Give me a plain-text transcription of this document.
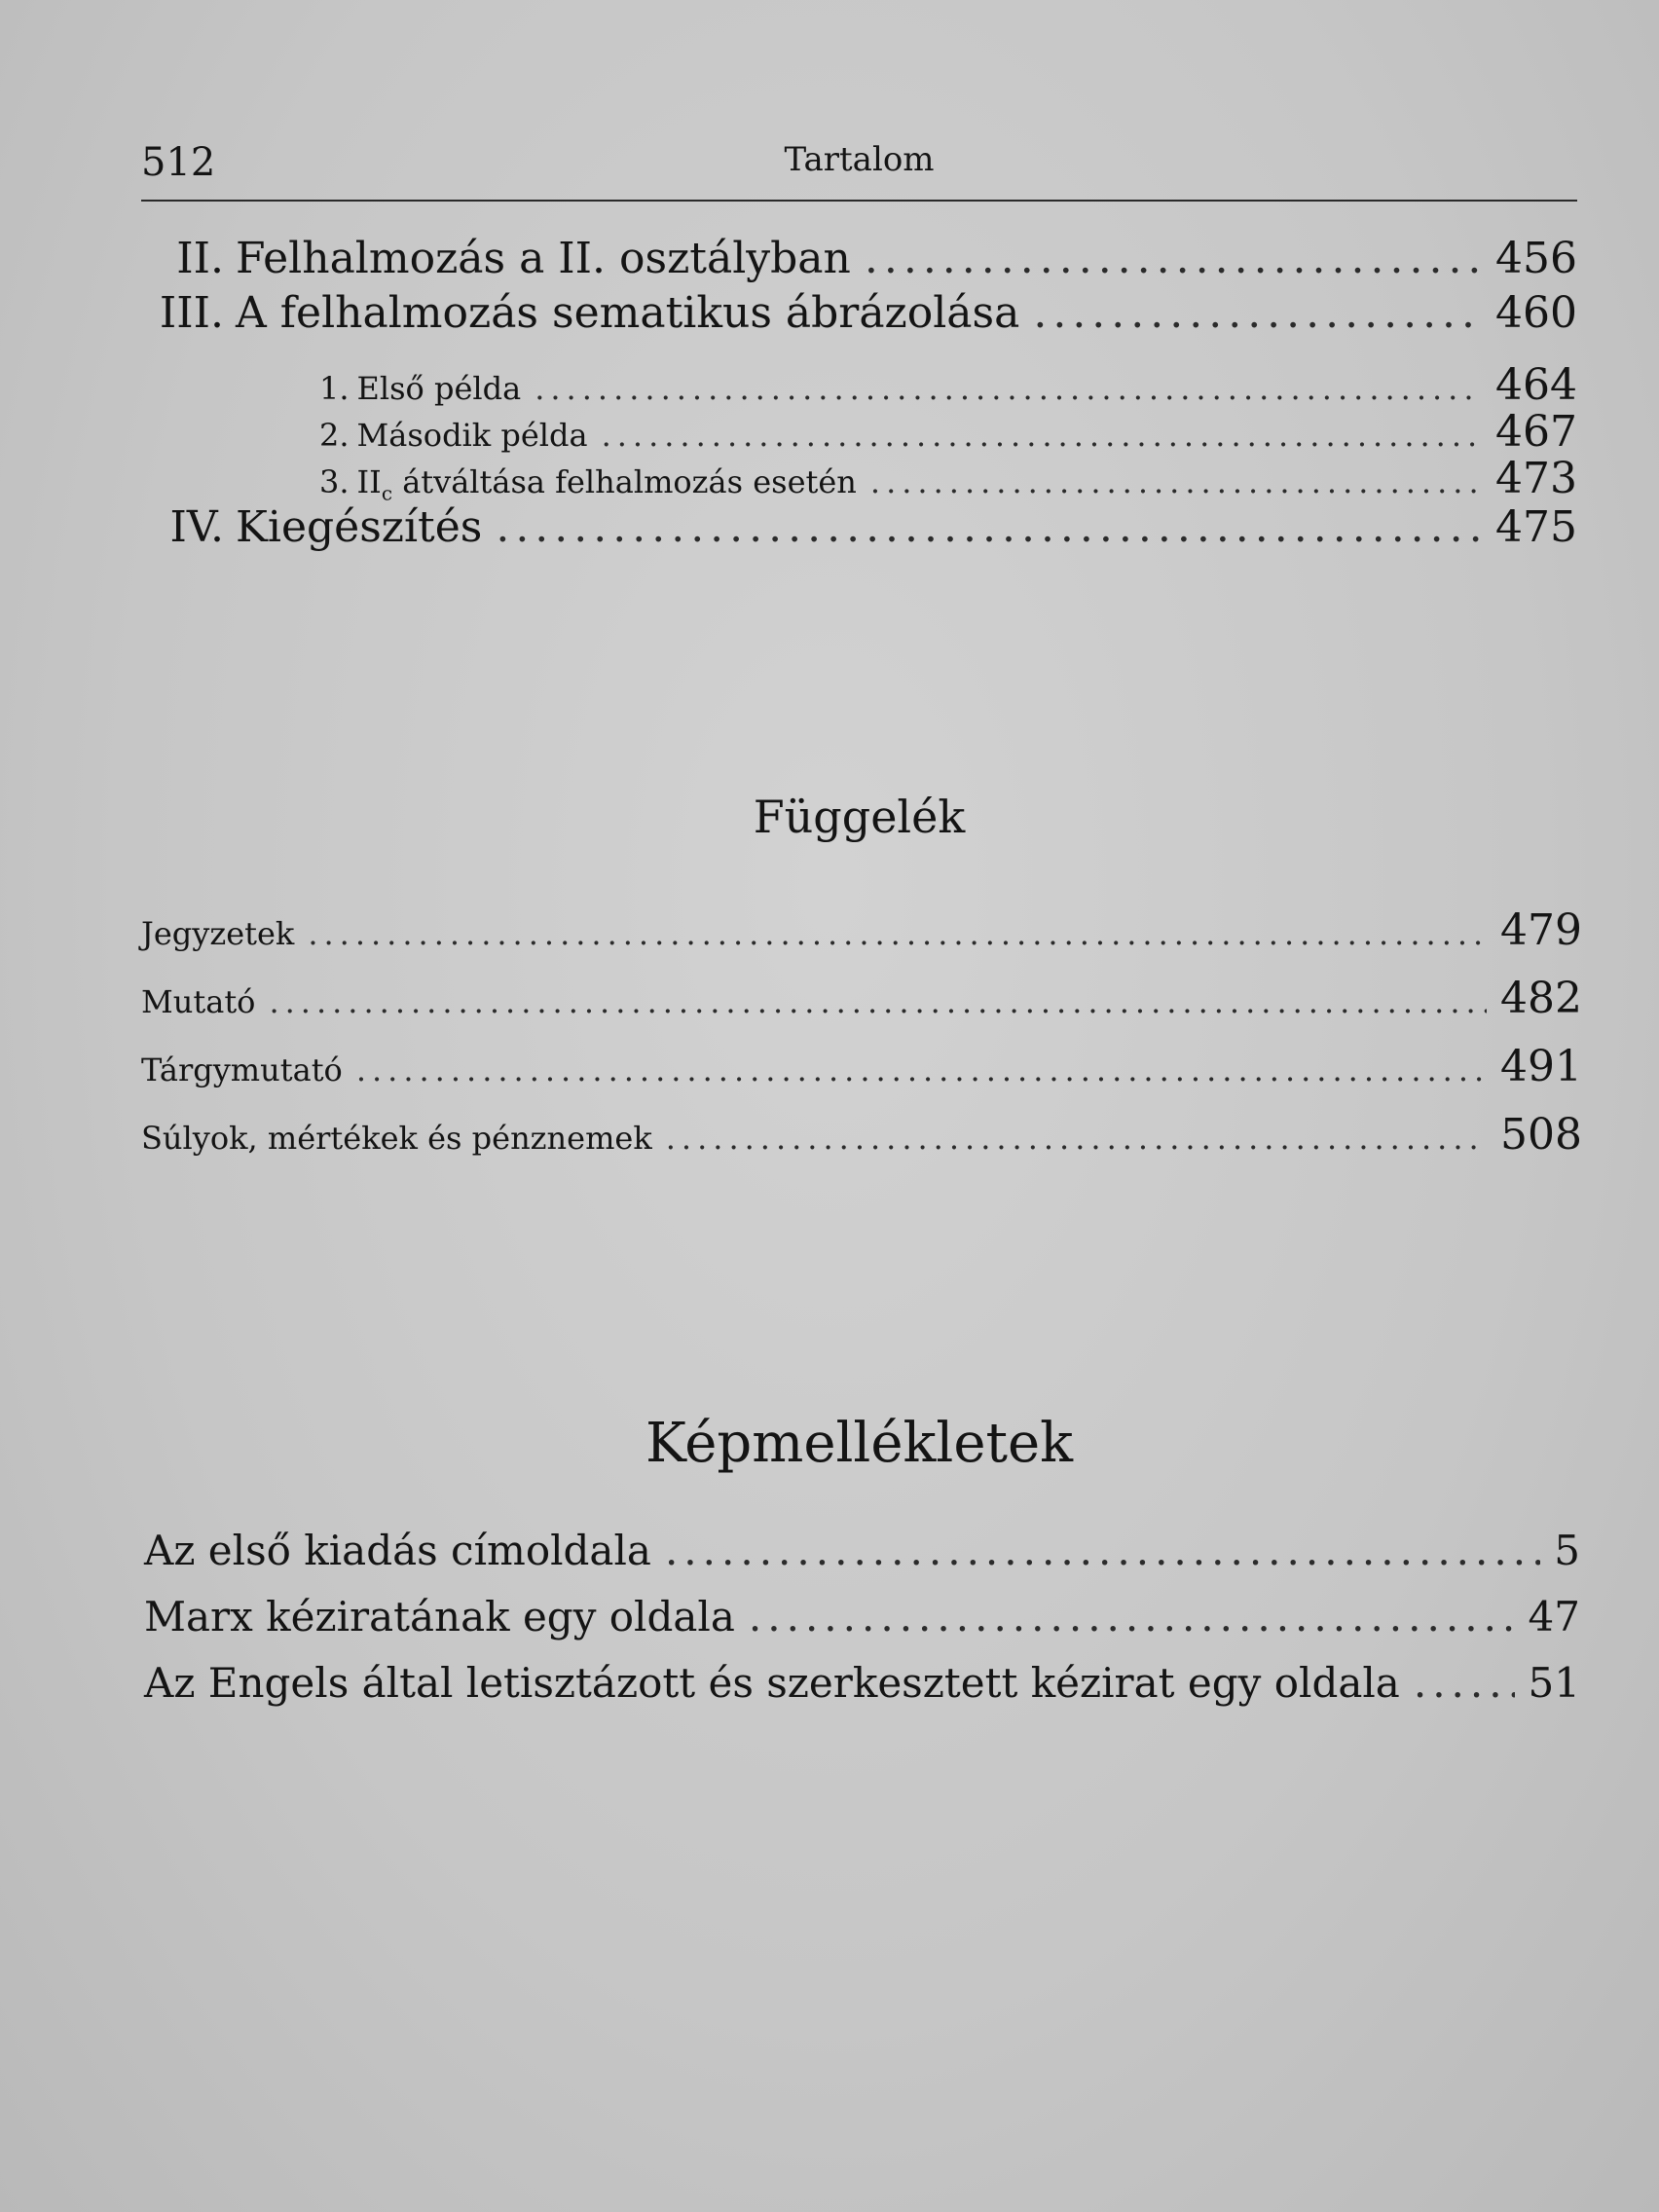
512	Tartalom
II. Felhalmozás a II. osztályban .....	456
III. A felhalmozás sematikus ábrázolása .....	460
1. Első példa .....	464
2. Második példa .....	467
3. $II_c$ átváltása felhalmozás esetén .....	473
IV. Kiegészítés .....	475
Függelék
Jegyzetek .....	479
Mutató .....	482
Tárgymutató .....	491
Súlyok, mértékek és pénznemek .....	508
Képmellékletek
Az első kiadás címoldala .....	5
Marx kéziratának egy oldala .....	47
Az Engels által letisztázott és szerkesztett kézirat egy oldala .....	51
